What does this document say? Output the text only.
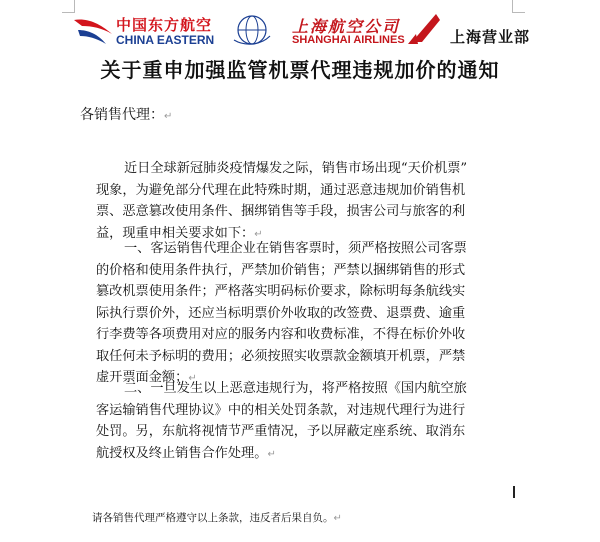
中国东方航空
CHINA EASTERN
上海航空公司
SHANGHAI AIRLINES	上海营业部
关于重申加强监管机票代理违规加价的通知
各销售代理：↵
近日全球新冠肺炎疫情爆发之际，销售市场出现“天价机票”
现象，为避免部分代理在此特殊时期，通过恶意违规加价销售机
票、恶意篡改使用条件、捆绑销售等手段，损害公司与旅客的利
益，现重申相关要求如下：↵
一、客运销售代理企业在销售客票时，须严格按照公司客票
的价格和使用条件执行，严禁加价销售；严禁以捆绑销售的形式
篡改机票使用条件；严格落实明码标价要求，除标明每条航线实
际执行票价外，还应当标明票价外收取的改签费、退票费、逾重
行李费等各项费用对应的服务内容和收费标准，不得在标价外收
取任何未予标明的费用；必须按照实收票款金额填开机票，严禁
虚开票面金额；↵
二、一旦发生以上恶意违规行为，将严格按照《国内航空旅
客运输销售代理协议》中的相关处罚条款，对违规代理行为进行
处罚。另，东航将视情节严重情况，予以屏蔽定座系统、取消东
航授权及终止销售合作处理。↵
请各销售代理严格遵守以上条款，违反者后果自负。↵
